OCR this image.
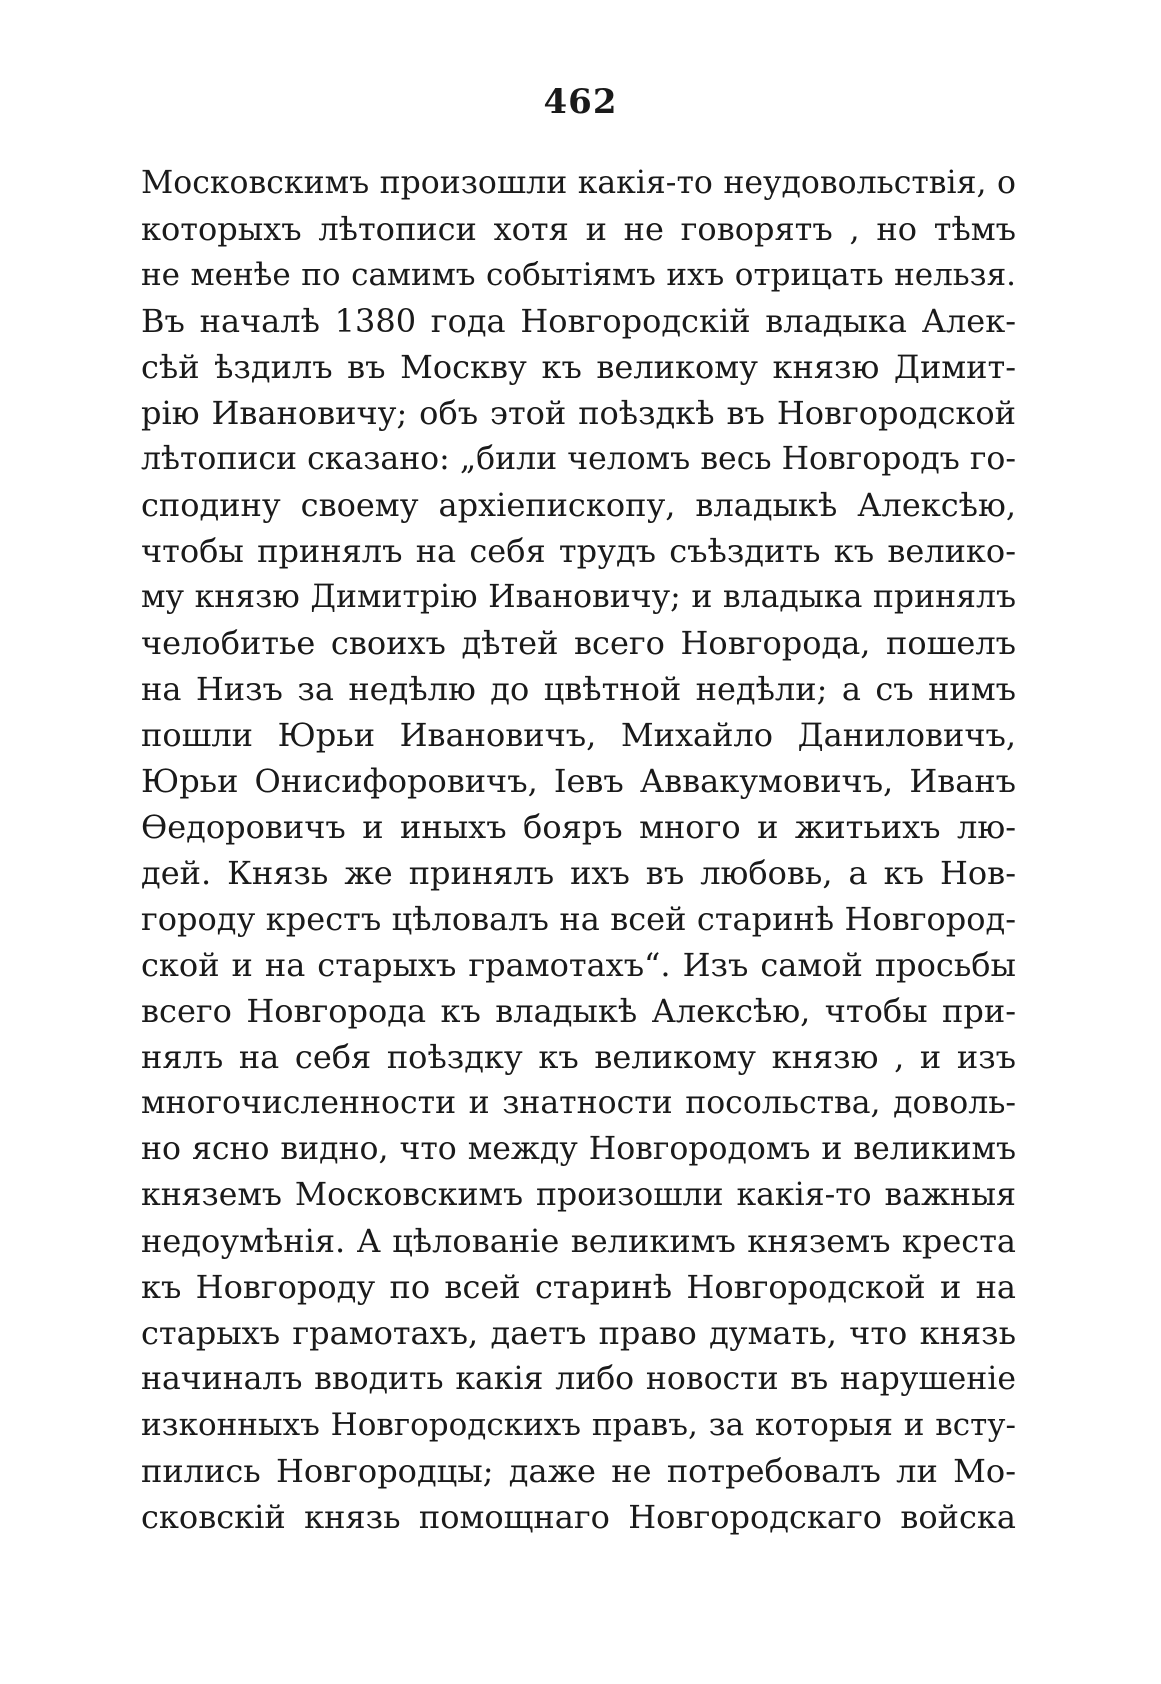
462
Московскимъ произошли какія-то неудовольствія, о
которыхъ лѣтописи хотя и не говорятъ , но тѣмъ
не менѣе по самимъ событіямъ ихъ отрицать нельзя.
Въ началѣ 1380 года Новгородскій владыка Алек-
сѣй ѣздилъ въ Москву къ великому князю Димит-
рію Ивановичу; объ этой поѣздкѣ въ Новгородской
лѣтописи сказано: „били челомъ весь Новгородъ го-
сподину своему архіепископу, владыкѣ Алексѣю,
чтобы принялъ на себя трудъ съѣздить къ велико-
му князю Димитрію Ивановичу; и владыка принялъ
челобитье своихъ дѣтей всего Новгорода, пошелъ
на Низъ за недѣлю до цвѣтной недѣли; а съ нимъ
пошли Юрьи Ивановичъ, Михайло Даниловичъ,
Юрьи Онисифоровичъ, Іевъ Аввакумовичъ, Иванъ
Ѳедоровичъ и иныхъ бояръ много и житьихъ лю-
дей. Князь же принялъ ихъ въ любовь, а къ Нов-
городу крестъ цѣловалъ на всей старинѣ Новгород-
ской и на старыхъ грамотахъ“. Изъ самой просьбы
всего Новгорода къ владыкѣ Алексѣю, чтобы при-
нялъ на себя поѣздку къ великому князю , и изъ
многочисленности и знатности посольства, доволь-
но ясно видно, что между Новгородомъ и великимъ
княземъ Московскимъ произошли какія-то важныя
недоумѣнія. А цѣлованіе великимъ княземъ креста
къ Новгороду по всей старинѣ Новгородской и на
старыхъ грамотахъ, даетъ право думать, что князь
начиналъ вводить какія либо новости въ нарушеніе
изконныхъ Новгородскихъ правъ, за которыя и всту-
пились Новгородцы; даже не потребовалъ ли Мо-
сковскій князь помощнаго Новгородскаго войска
